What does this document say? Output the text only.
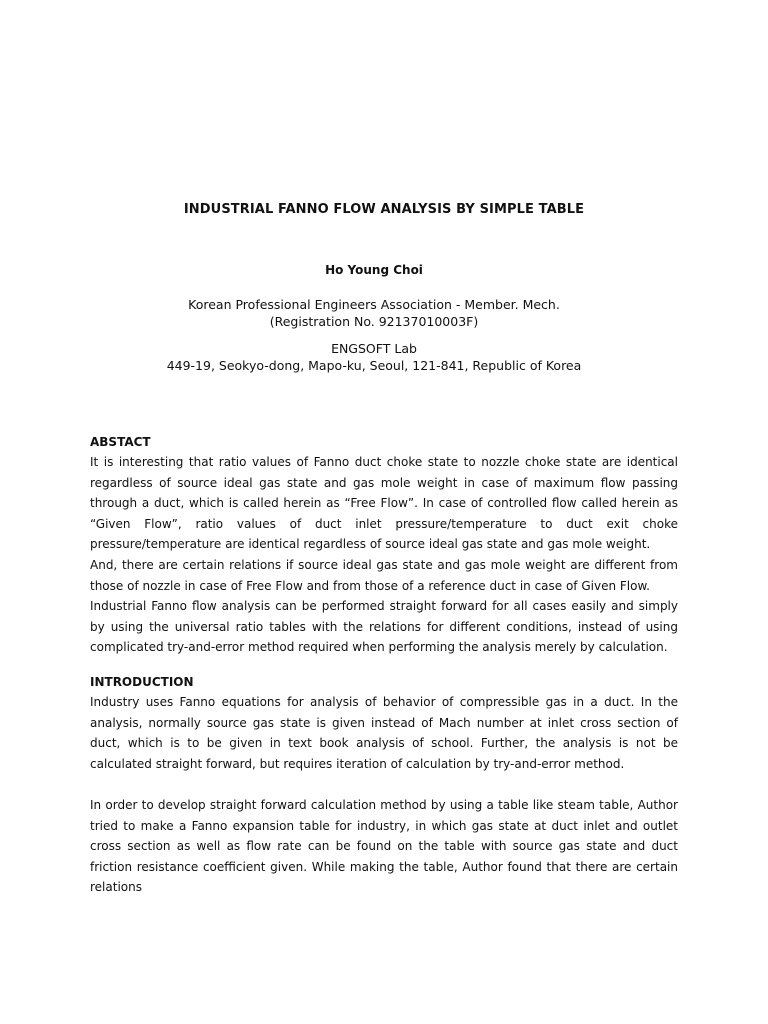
INDUSTRIAL FANNO FLOW ANALYSIS BY SIMPLE TABLE
Ho Young Choi
Korean Professional Engineers Association - Member. Mech.
(Registration No. 92137010003F)
ENGSOFT Lab
449-19, Seokyo-dong, Mapo-ku, Seoul, 121-841, Republic of Korea
ABSTACT

It is interesting that ratio values of Fanno duct choke state to nozzle choke state are identical regardless of source ideal gas state and gas mole weight in case of maximum flow passing through a duct, which is called herein as “Free Flow”. In case of controlled flow called herein as “Given Flow”, ratio values of duct inlet pressure/temperature to duct exit choke pressure/temperature are identical regardless of source ideal gas state and gas mole weight.

And, there are certain relations if source ideal gas state and gas mole weight are different from those of nozzle in case of Free Flow and from those of a reference duct in case of Given Flow.

Industrial Fanno flow analysis can be performed straight forward for all cases easily and simply by using the universal ratio tables with the relations for different conditions, instead of using complicated try-and-error method required when performing the analysis merely by calculation.

INTRODUCTION

Industry uses Fanno equations for analysis of behavior of compressible gas in a duct. In the analysis, normally source gas state is given instead of Mach number at inlet cross section of duct, which is to be given in text book analysis of school. Further, the analysis is not be calculated straight forward, but requires iteration of calculation by try-and-error method.

In order to develop straight forward calculation method by using a table like steam table, Author tried to make a Fanno expansion table for industry, in which gas state at duct inlet and outlet cross section as well as flow rate can be found on the table with source gas state and duct friction resistance coefficient given. While making the table, Author found that there are certain relations
